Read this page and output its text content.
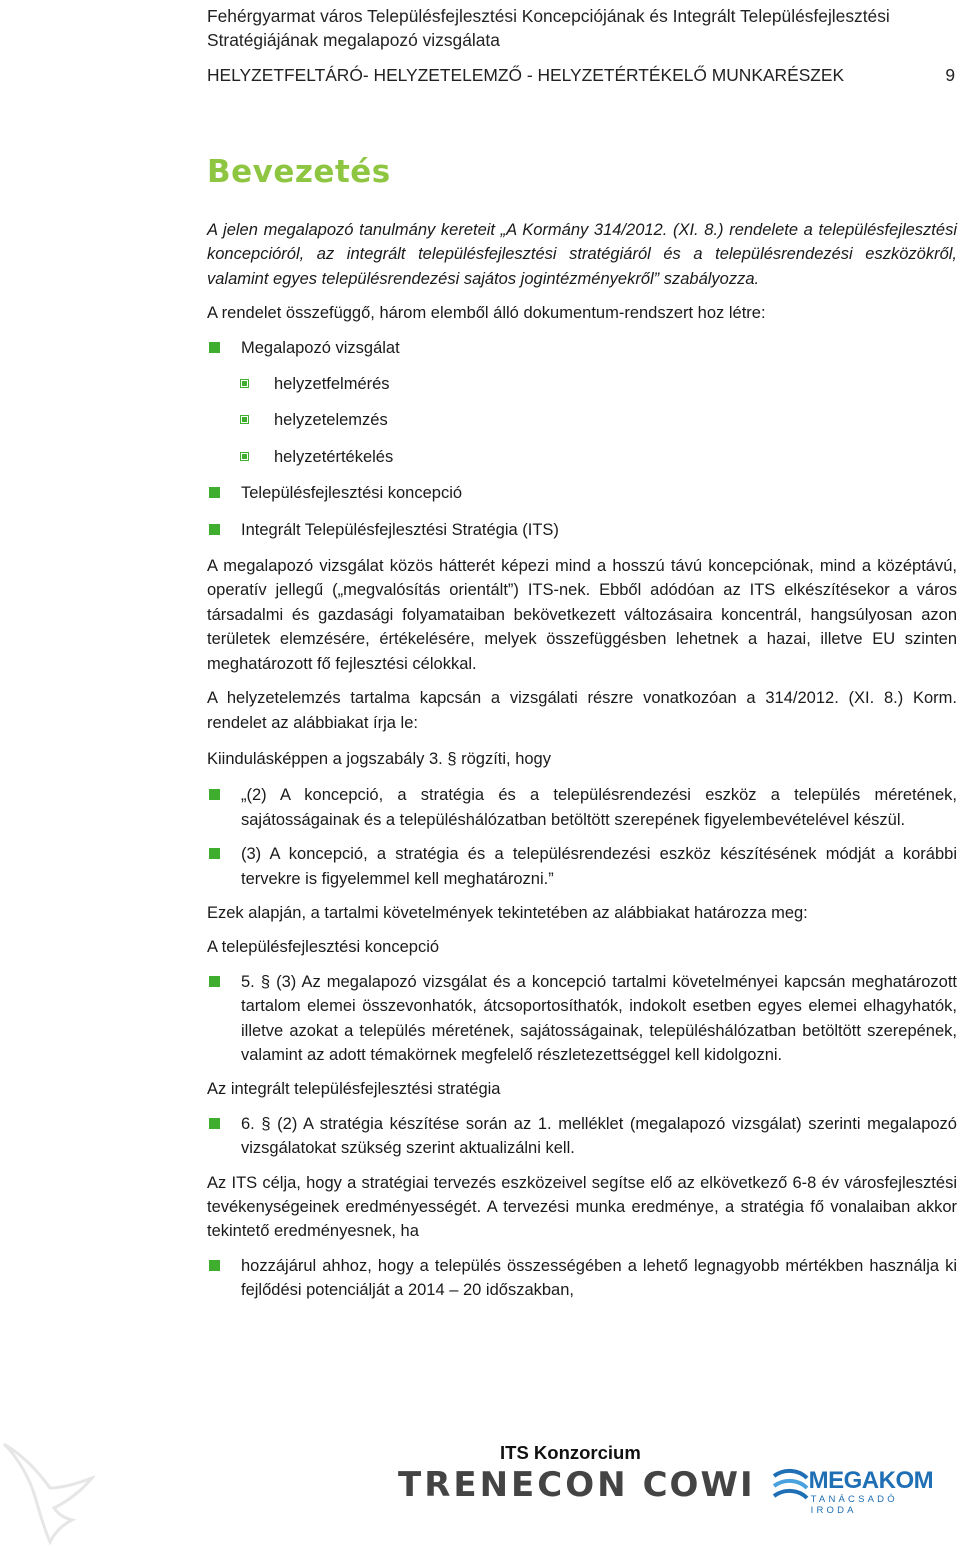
Fehérgyarmat város Településfejlesztési Koncepciójának és Integrált Településfejlesztési
Stratégiájának megalapozó vizsgálata
HELYZETFELTÁRÓ- HELYZETELEMZŐ - HELYZETÉRTÉKELŐ MUNKARÉSZEK	9
Bevezetés

A jelen megalapozó tanulmány kereteit „A Kormány 314/2012. (XI. 8.) rendelete a településfejlesztési koncepcióról, az integrált településfejlesztési stratégiáról és a településrendezési eszközökről, valamint egyes településrendezési sajátos jogintézményekről” szabályozza.

A rendelet összefüggő, három elemből álló dokumentum-rendszert hoz létre:

Megalapozó vizsgálat
helyzetfelmérés
helyzetelemzés
helyzetértékelés
Településfejlesztési koncepció
Integrált Településfejlesztési Stratégia (ITS)

A megalapozó vizsgálat közös hátterét képezi mind a hosszú távú koncepciónak, mind a középtávú, operatív jellegű („megvalósítás orientált”) ITS-nek. Ebből adódóan az ITS elkészítésekor a város társadalmi és gazdasági folyamataiban bekövetkezett változásaira koncentrál, hangsúlyosan azon területek elemzésére, értékelésére, melyek összefüggésben lehetnek a hazai, illetve EU szinten meghatározott fő fejlesztési célokkal.

A helyzetelemzés tartalma kapcsán a vizsgálati részre vonatkozóan a 314/2012. (XI. 8.) Korm. rendelet az alábbiakat írja le:

Kiindulásképpen a jogszabály 3. § rögzíti, hogy

„(2) A koncepció, a stratégia és a településrendezési eszköz a település méretének, sajátosságainak és a településhálózatban betöltött szerepének figyelembevételével készül.
(3) A koncepció, a stratégia és a településrendezési eszköz készítésének módját a korábbi tervekre is figyelemmel kell meghatározni.”

Ezek alapján, a tartalmi követelmények tekintetében az alábbiakat határozza meg:

A településfejlesztési koncepció

5. § (3) Az megalapozó vizsgálat és a koncepció tartalmi követelményei kapcsán meghatározott tartalom elemei összevonhatók, átcsoportosíthatók, indokolt esetben egyes elemei elhagyhatók, illetve azokat a település méretének, sajátosságainak, településhálózatban betöltött szerepének, valamint az adott témakörnek megfelelő részletezettséggel kell kidolgozni.

Az integrált településfejlesztési stratégia

6. § (2) A stratégia készítése során az 1. melléklet (megalapozó vizsgálat) szerinti megalapozó vizsgálatokat szükség szerint aktualizálni kell.

Az ITS célja, hogy a stratégiai tervezés eszközeivel segítse elő az elkövetkező 6-8 év városfejlesztési tevékenységeinek eredményességét. A tervezési munka eredménye, a stratégia fő vonalaiban akkor tekintető eredményesnek, ha

hozzájárul ahhoz, hogy a település összességében a lehető legnagyobb mértékben használja ki fejlődési potenciálját a 2014 – 20 időszakban,
ITS Konzorcium
TRENECON COWI MEGAKOM
TANÁCSADÓ IRODA
